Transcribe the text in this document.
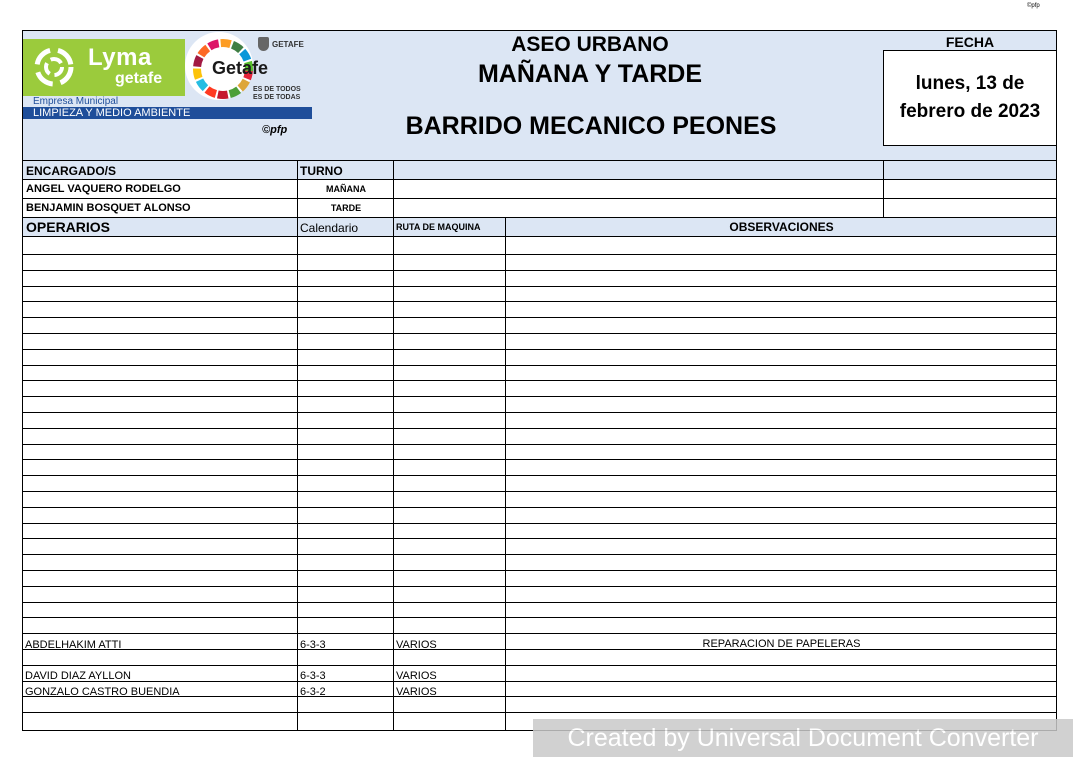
©pfp
Lyma
getafe
Getafe
GETAFE
ES DE TODOS
ES DE TODAS
Empresa Municipal
LIMPIEZA Y MEDIO AMBIENTE
©pfp
ASEO URBANO
MAÑANA Y TARDE
BARRIDO MECANICO PEONES
FECHA
lunes, 13 de febrero de 2023
ENCARGADO/S	TURNO
ANGEL VAQUERO RODELGO	MAÑANA
BENJAMIN BOSQUET ALONSO	TARDE
OPERARIOS	Calendario	RUTA DE MAQUINA	OBSERVACIONES
ABDELHAKIM ATTI	6-3-3	VARIOS	REPARACION DE PAPELERAS
DAVID DIAZ AYLLON	6-3-3	VARIOS
GONZALO CASTRO BUENDIA	6-3-2	VARIOS
Created by Universal Document Converter
